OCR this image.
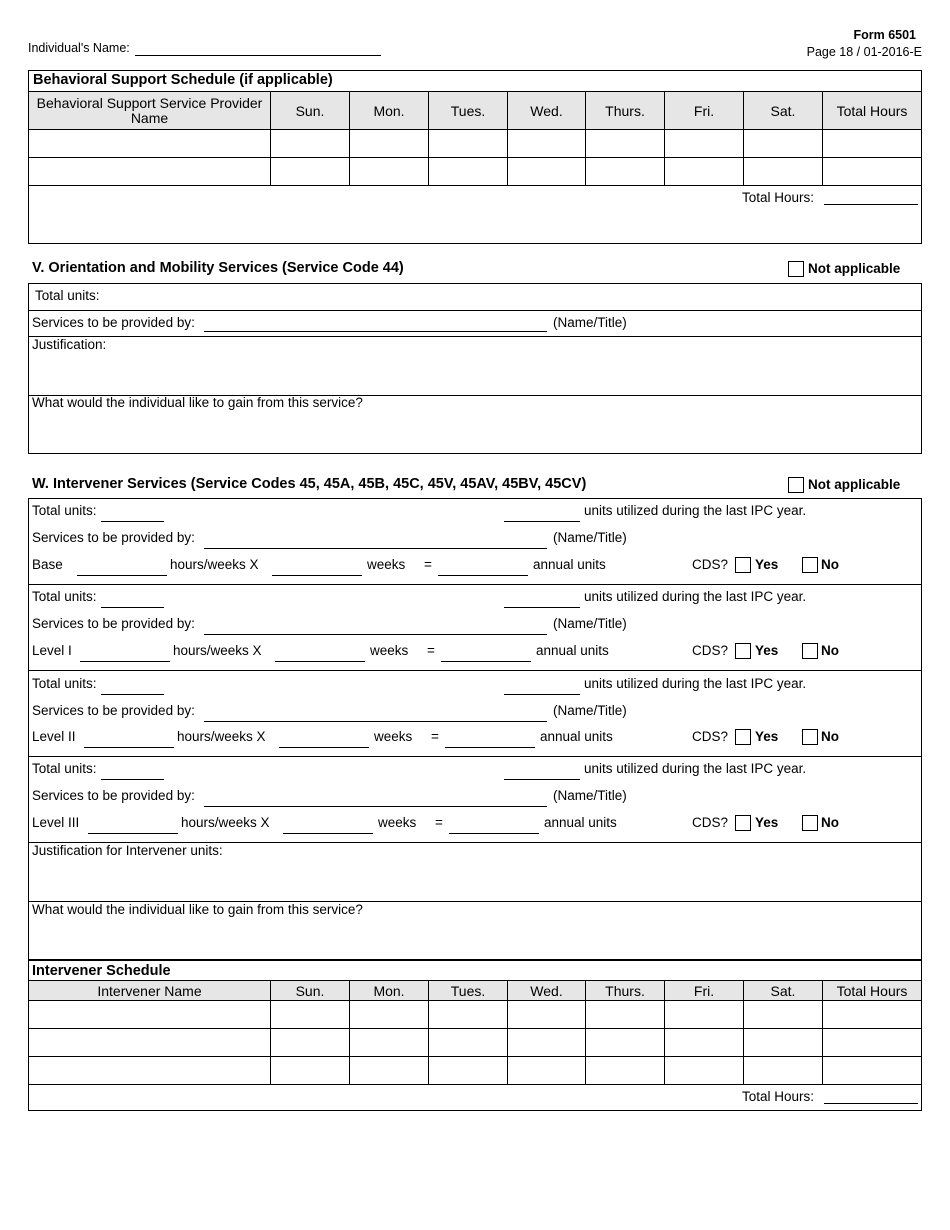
Form 6501
Page 18 / 01-2016-E
Individual's Name:
Behavioral Support Schedule (if applicable)
Behavioral Support Service Provider Name	Sun.	Mon.	Tues.	Wed.	Thurs.	Fri.	Sat.	Total Hours

Total Hours:
V. Orientation and Mobility Services (Service Code 44)	Not applicable
Total units:
Services to be provided by:	(Name/Title)
Justification:
What would the individual like to gain from this service?
W. Intervener Services (Service Codes 45, 45A, 45B, 45C, 45V, 45AV, 45BV, 45CV)	Not applicable
Total units:	units utilized during the last IPC year.
Services to be provided by:	(Name/Title)
Base	hours/weeks X	weeks =	annual units	CDS? Yes	No
Total units:	units utilized during the last IPC year.
Services to be provided by:	(Name/Title)
Level I	hours/weeks X	weeks =	annual units	CDS? Yes	No
Total units:	units utilized during the last IPC year.
Services to be provided by:	(Name/Title)
Level II	hours/weeks X	weeks =	annual units	CDS? Yes	No
Total units:	units utilized during the last IPC year.
Services to be provided by:	(Name/Title)
Level III	hours/weeks X	weeks =	annual units	CDS? Yes	No
Justification for Intervener units:
What would the individual like to gain from this service?
Intervener Schedule
Intervener Name	Sun.	Mon.	Tues.	Wed.	Thurs.	Fri.	Sat.	Total Hours

Total Hours:
